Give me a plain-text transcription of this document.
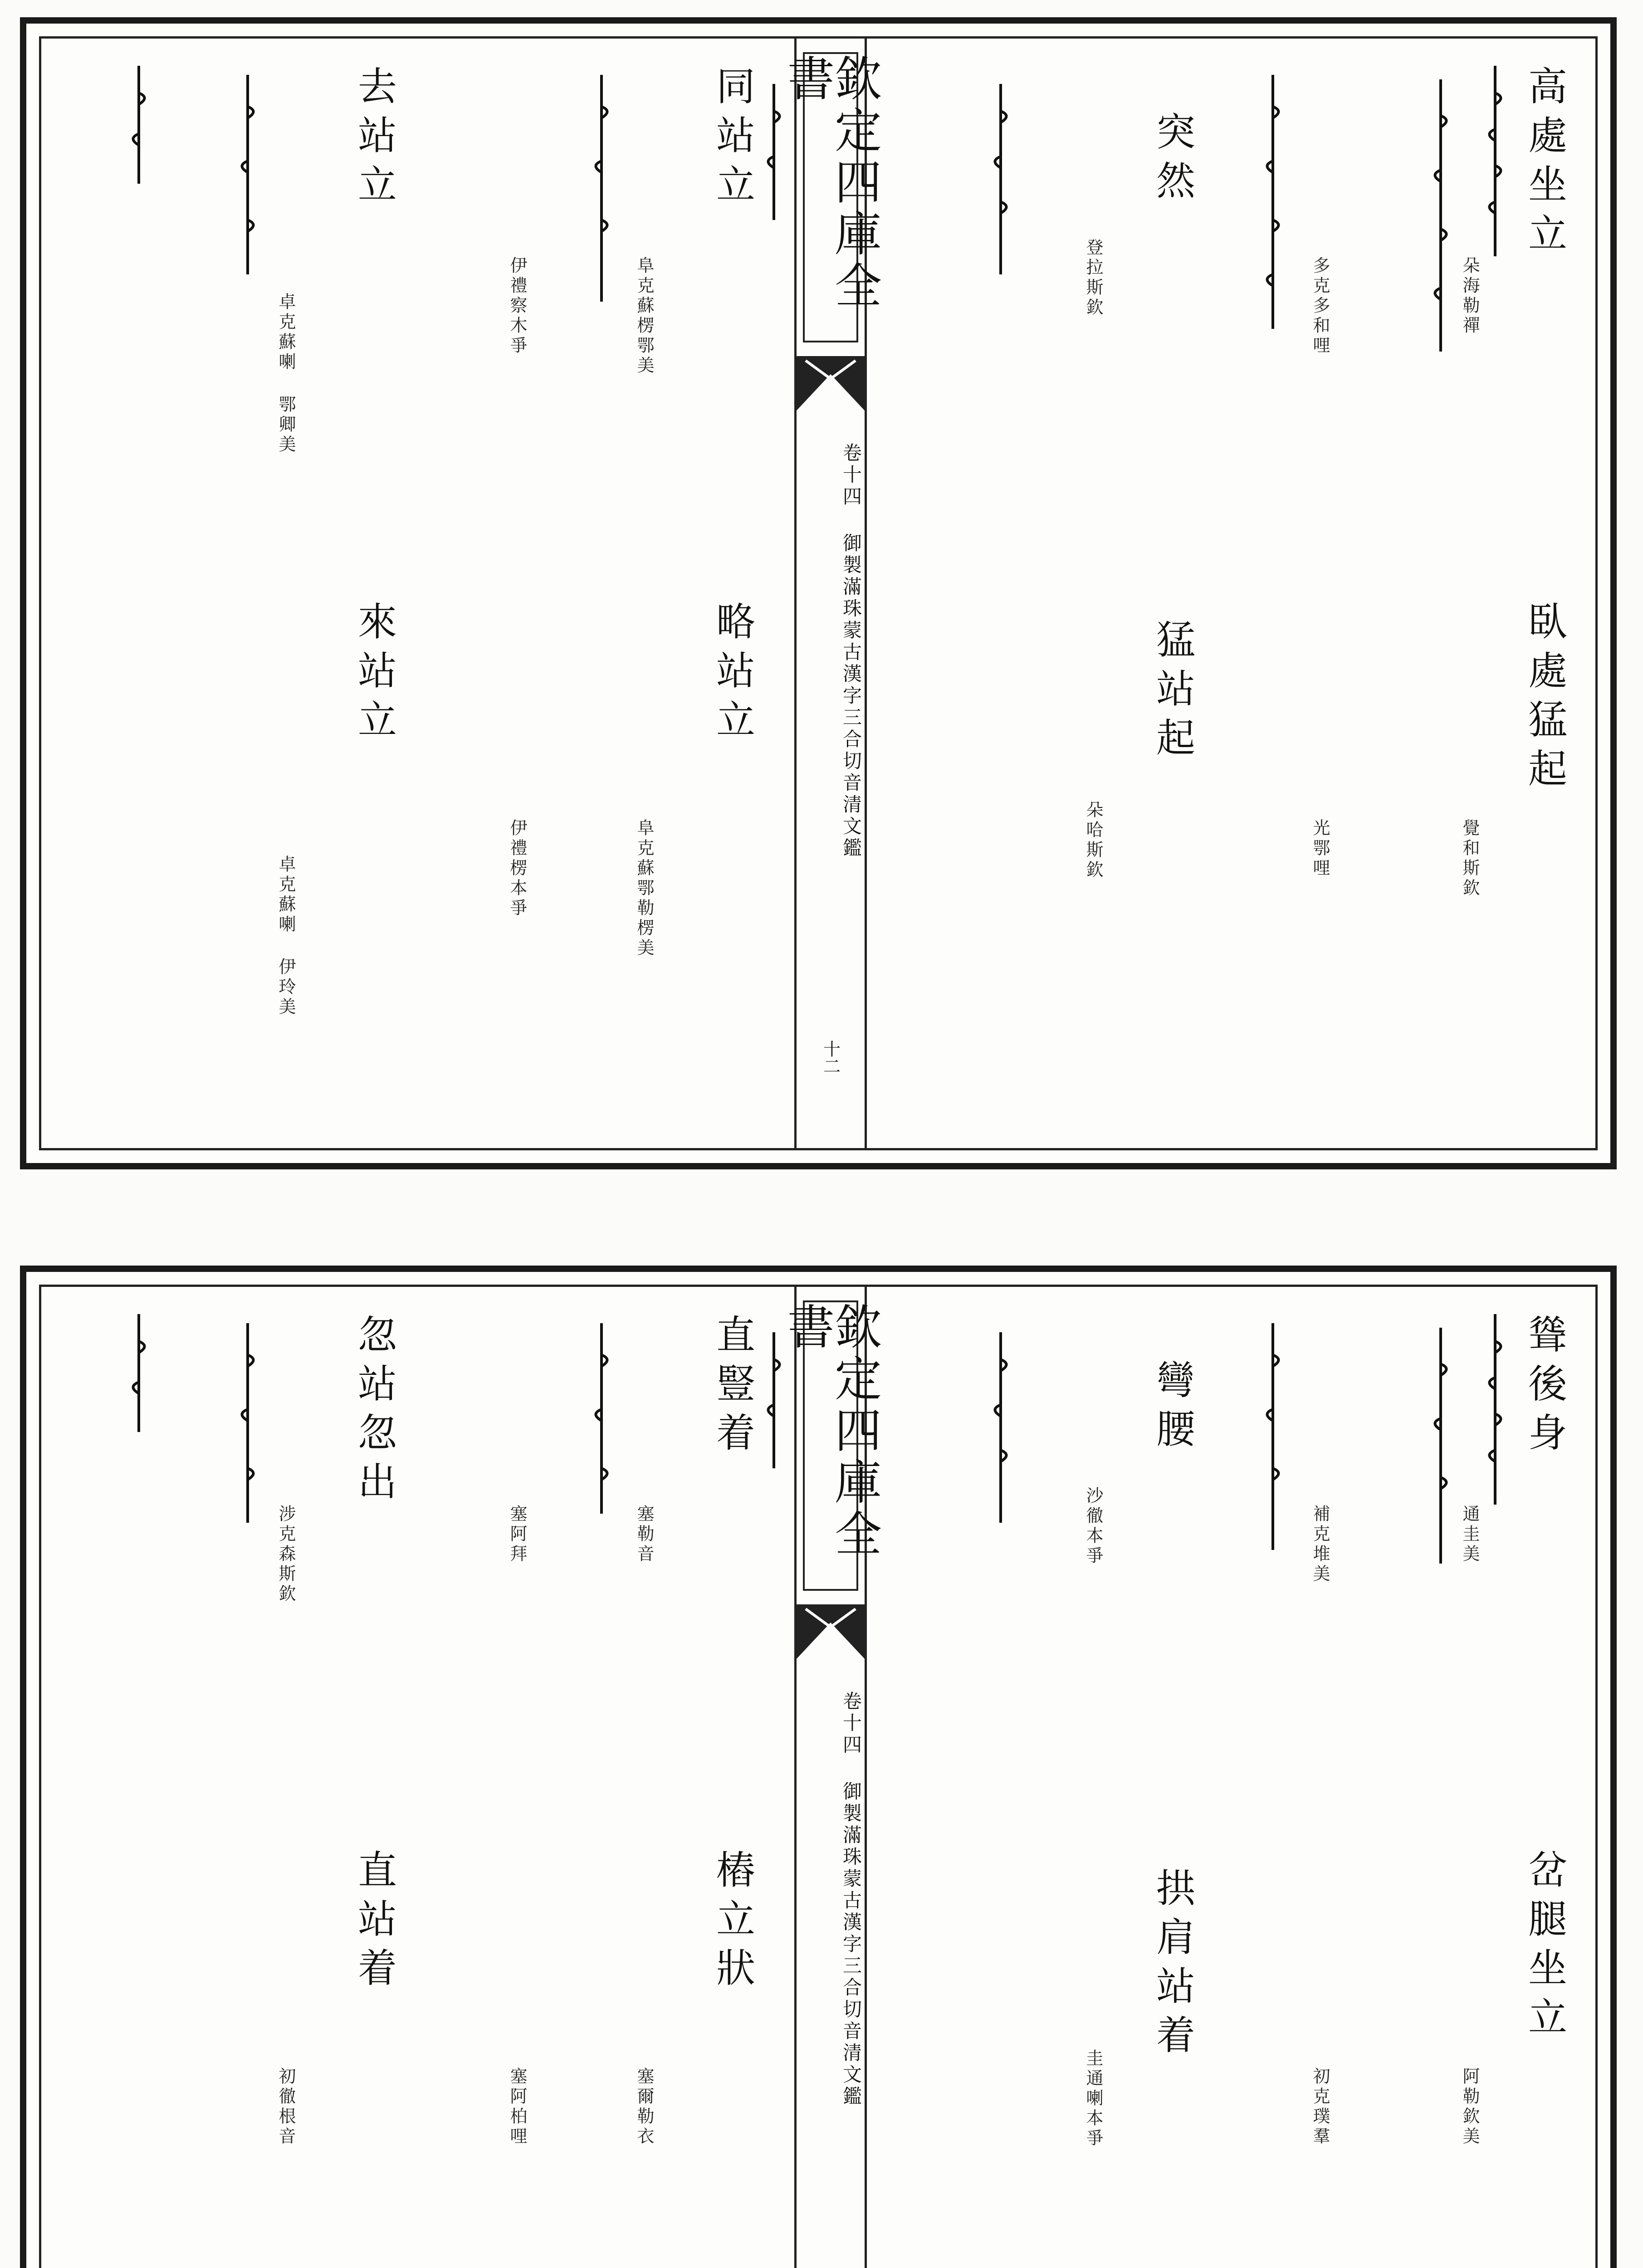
欽定四庫全書
卷十四 御製滿珠蒙古漢字三合切音清文鑑
十二
高處坐立
朵海勒禪
臥處猛起
覺和斯欽
突然
多克多和哩
猛站起
光鄂哩
登拉斯欽
朵哈斯欽
同站立
阜克蘇楞鄂美
略站立
阜克蘇鄂勒楞美
去站立
伊禮察木爭
來站立
伊禮楞本爭
卓克蘇喇 鄂卿美
卓克蘇喇 伊玲美
欽定四庫全書
卷十四 御製滿珠蒙古漢字三合切音清文鑑
聳後身
通圭美
岔腿坐立
阿勒欽美
彎腰
補克堆美
拱肩站着
初克璞羣
沙徹本爭
圭通喇本爭
直豎着
塞勒音
樁立狀
塞爾勒衣
忽站忽出
涉克森斯欽
直站着
初徹根音
塞阿拜
塞阿柏哩
